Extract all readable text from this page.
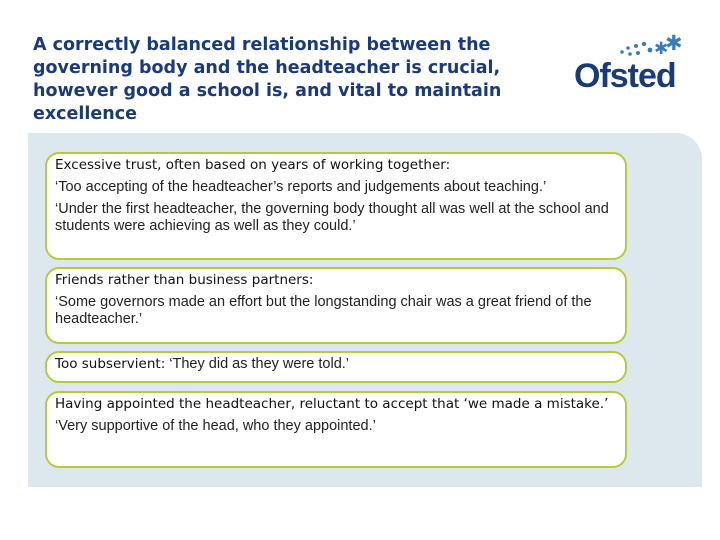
A correctly balanced relationship between the governing body and the headteacher is crucial, however good a school is, and vital to maintain excellence
✱
✱
Ofsted

Excessive trust, often based on years of working together:

‘Too accepting of the headteacher’s reports and judgements about teaching.’

‘Under the first headteacher, the governing body thought all was well at the school and students were achieving as well as they could.’

Friends rather than business partners:

‘Some governors made an effort but the longstanding chair was a great friend of the headteacher.’

Too subservient: ‘They did as they were told.’

Having appointed the headteacher, reluctant to accept that ‘we made a mistake.’

‘Very supportive of the head, who they appointed.’
